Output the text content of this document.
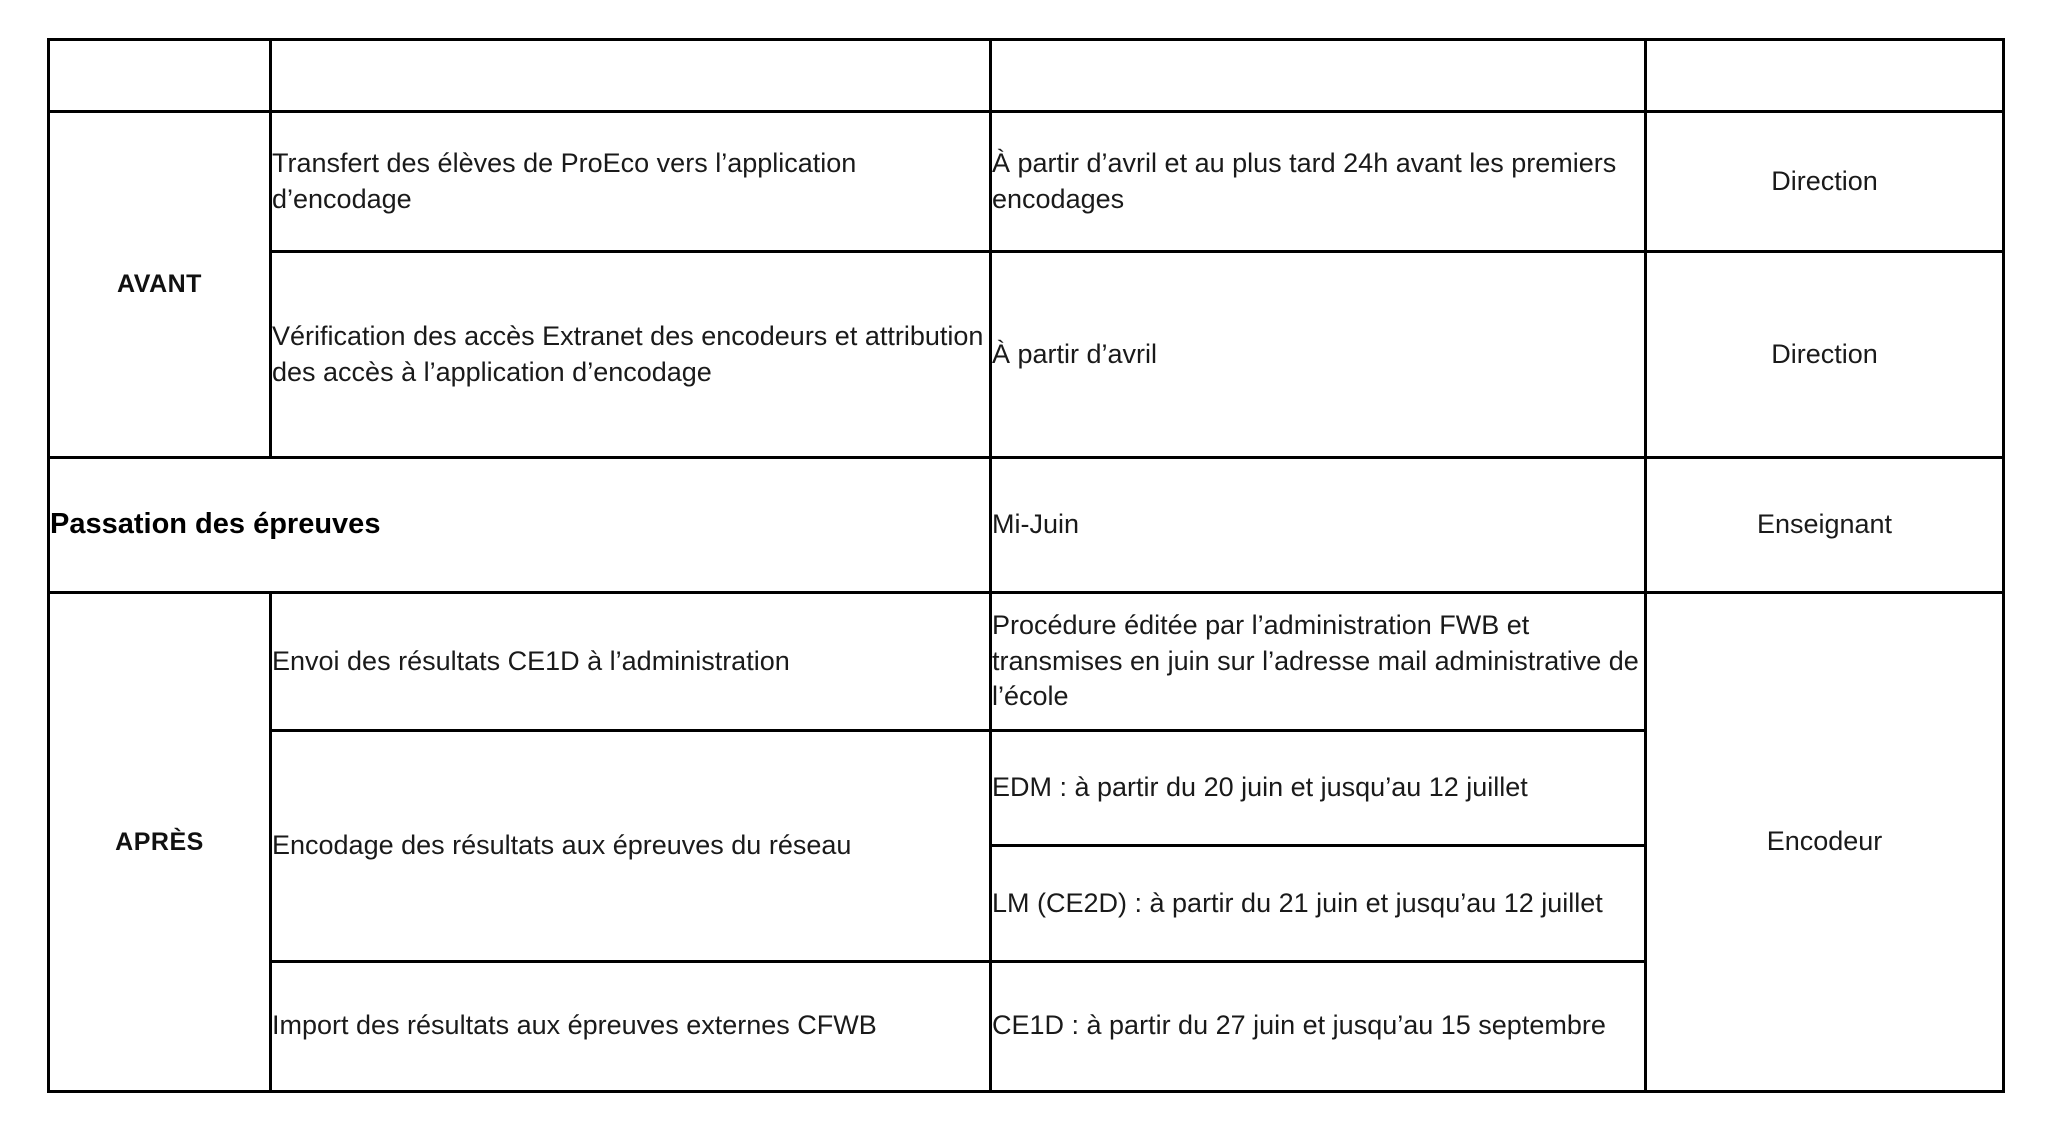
	Étapes	Quand	Qui
AVANT	Transfert des élèves de ProEco vers l’application d’encodage	À partir d’avril et au plus tard 24h avant les premiers encodages	Direction
	Vérification des accès Extranet des encodeurs et attribution des accès à l’application d’encodage	À partir d’avril	Direction
Passation des épreuves		Mi-Juin	Enseignant
APRÈS	Envoi des résultats CE1D à l’administration	Procédure éditée par l’administration FWB et transmises en juin sur l’adresse mail administrative de l’école	Encodeur
	Encodage des résultats aux épreuves du réseau	EDM : à partir du 20 juin et jusqu’au 12 juillet	
		LM (CE2D) : à partir du 21 juin et jusqu’au 12 juillet	
	Import des résultats aux épreuves externes CFWB	CE1D : à partir du 27 juin et jusqu’au 15 septembre	
